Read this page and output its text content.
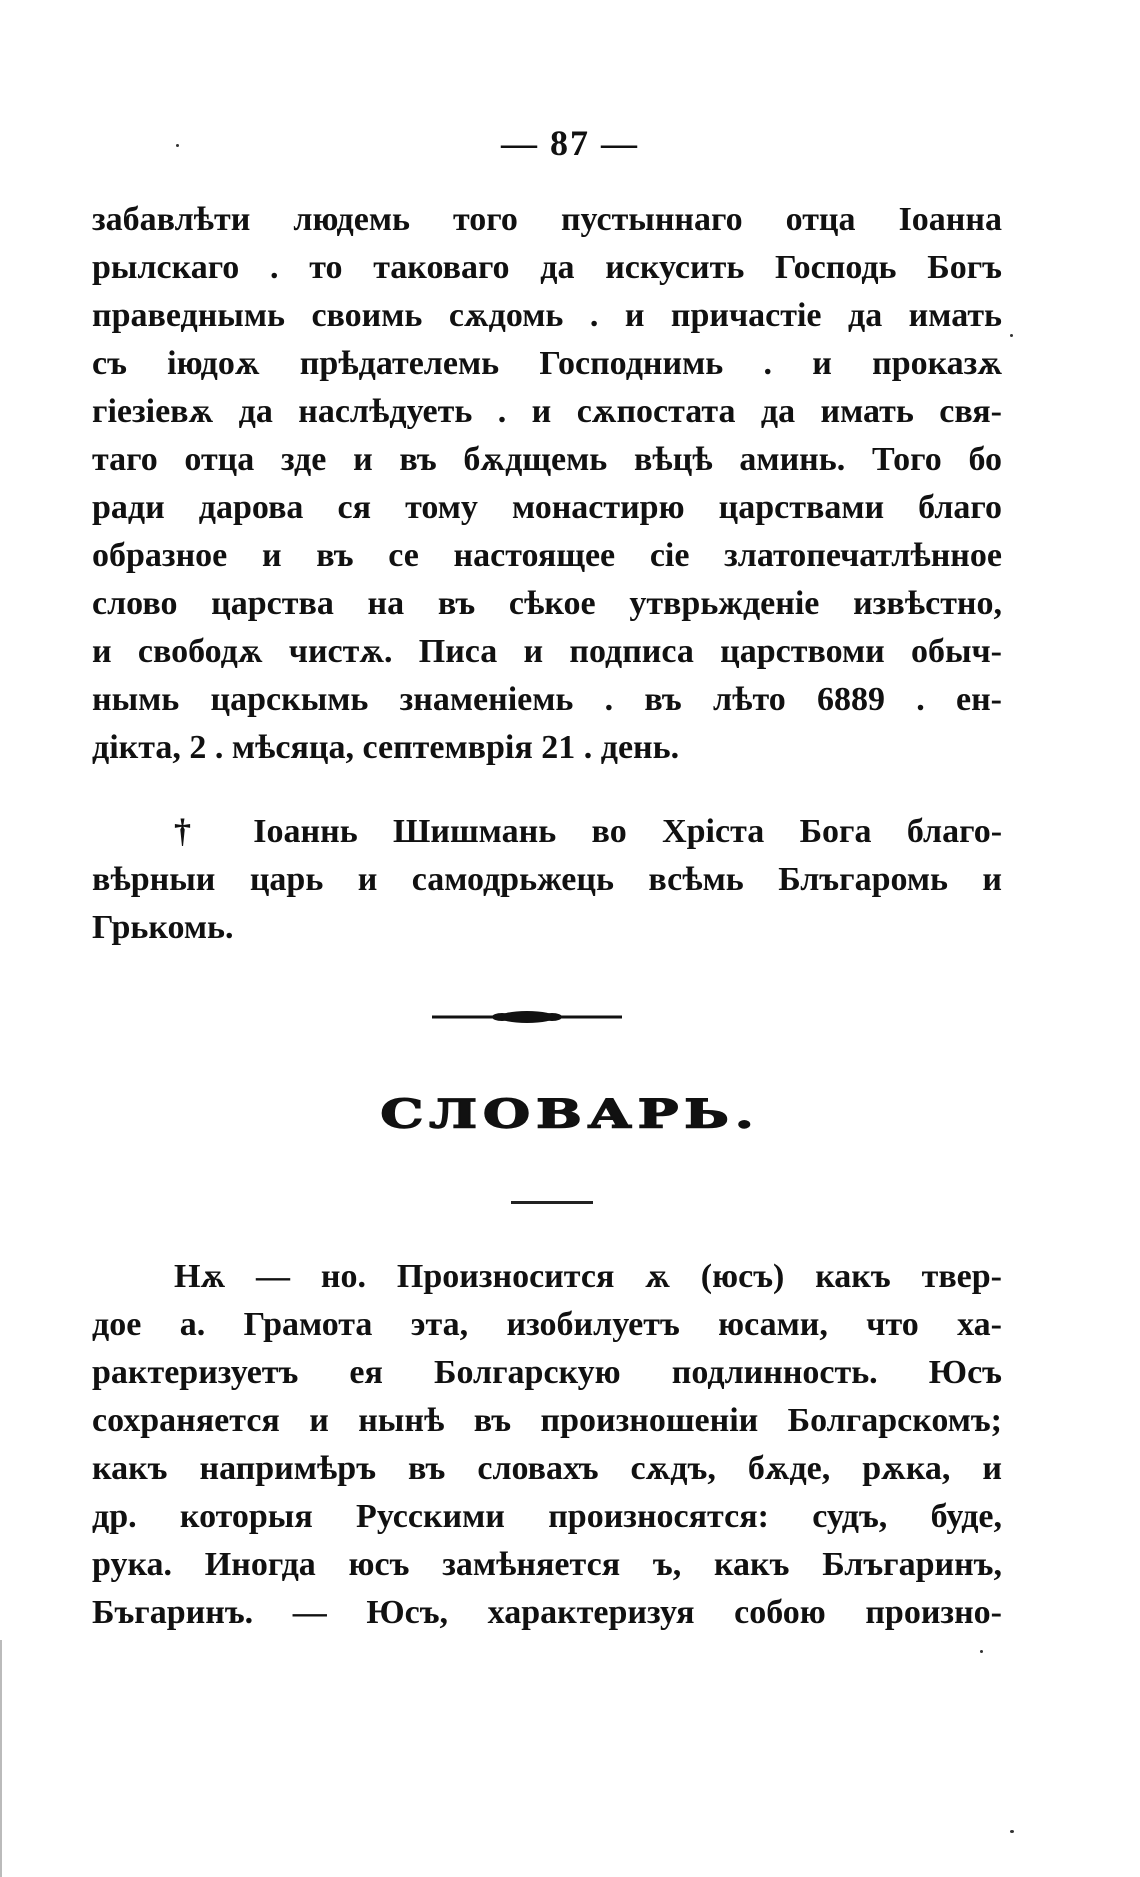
— 87 —
забавлѣти людемь того пустыннаго отца Іоанна
рылскаго . то таковаго да искусить Господь Богъ
праведнымь своимь сѫдомь . и причастіе да имать
съ іюдоѫ прѣдателемь Господнимь . и проказѫ
гіезіевѫ да наслѣдуеть . и сѫпостата да имать свя-
таго отца зде и въ бѫдщемь вѣцѣ аминь. Того бо
ради дарова ся тому монастирю царствами благо
образное и въ се настоящее сіе златопечатлѣнное
слово царства на въ сѣкое утврьжденіе извѣстно,
и свободѫ чистѫ. Писа и подписа царствоми обыч-
нымь царскымь знаменіемь . въ лѣто 6889 . ен-
дікта, 2 . мѣсяца, септемврія 21 . день.
† Іоаннь Шишмань во Хріста Бога благо-
вѣрныи царь и самодрьжець всѣмь Блъгаромь и
Грькомь.
СЛОВАРЬ.
Нѫ — но. Произносится ѫ (юсъ) какъ твер-
дое а. Грамота эта, изобилуетъ юсами, что ха-
рактеризуетъ ея Болгарскую подлинность. Юсъ
сохраняется и нынѣ въ произношеніи Болгарскомъ;
какъ напримѣръ въ словахъ сѫдъ, бѫде, рѫка, и
др. которыя Русскими произносятся: судъ, буде,
рука. Иногда юсъ замѣняется ъ, какъ Блъгаринъ,
Бъгаринъ. — Юсъ, характеризуя собою произно-
